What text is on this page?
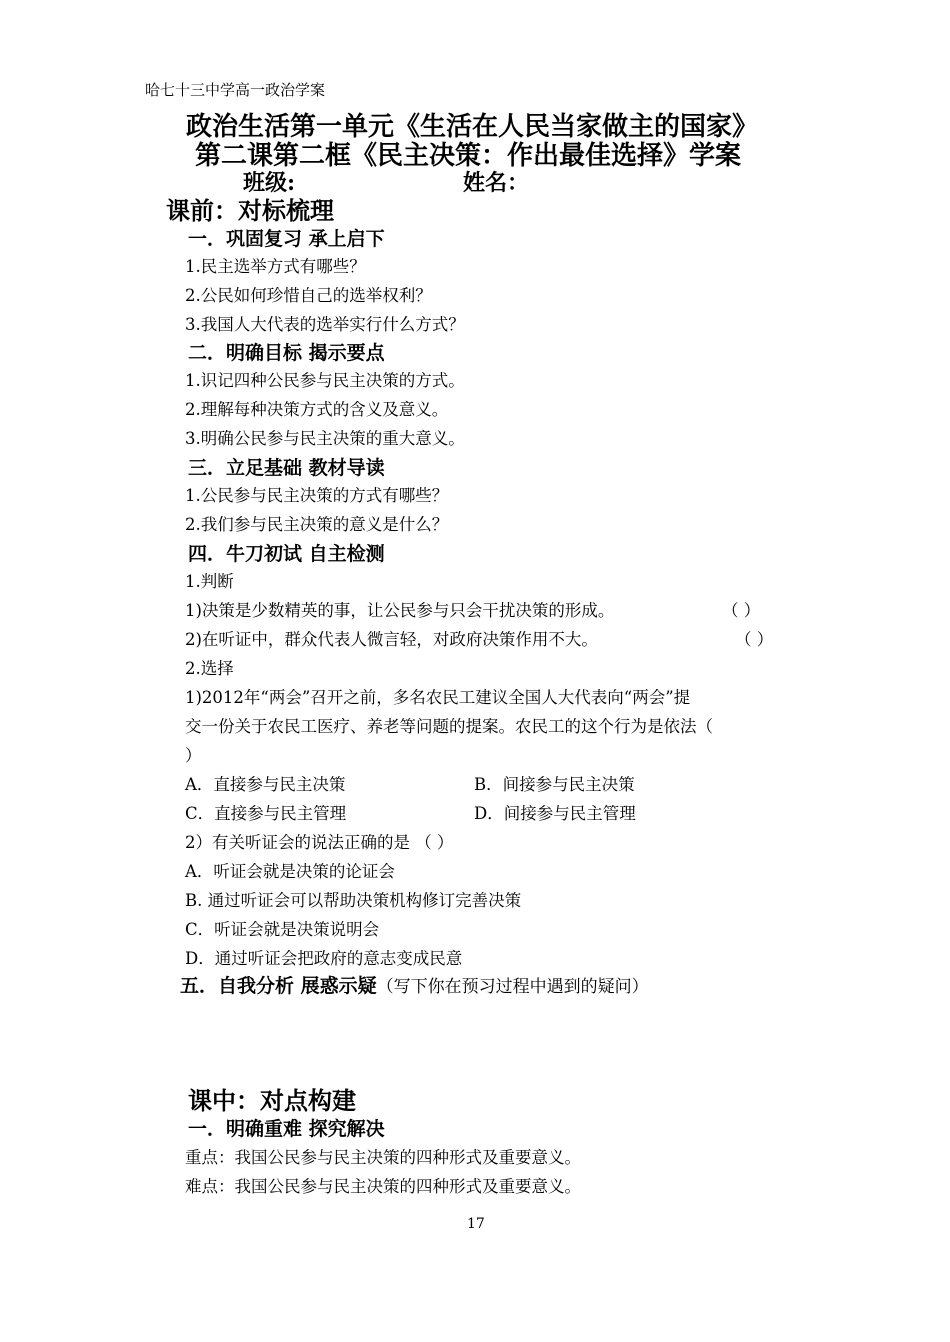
哈七十三中学高一政治学案
政治生活第一单元《生活在人民当家做主的国家》
第二课第二框《民主决策：作出最佳选择》学案
班级:	姓名：
课前：对标梳理
一．巩固复习 承上启下
1.民主选举方式有哪些？
2.公民如何珍惜自己的选举权利？
3.我国人大代表的选举实行什么方式？
二．明确目标 揭示要点
1.识记四种公民参与民主决策的方式。
2.理解每种决策方式的含义及意义。
3.明确公民参与民主决策的重大意义。
三．立足基础 教材导读
1.公民参与民主决策的方式有哪些？
2.我们参与民主决策的意义是什么？
四．牛刀初试 自主检测
1.判断
1)决策是少数精英的事，让公民参与只会干扰决策的形成。	（ ）
2)在听证中，群众代表人微言轻，对政府决策作用不大。	（ ）
2.选择
1)2012年“两会”召开之前，多名农民工建议全国人大代表向“两会”提
交一份关于农民工医疗、养老等问题的提案。农民工的这个行为是依法（
）
A．直接参与民主决策	B．间接参与民主决策
C．直接参与民主管理	D．间接参与民主管理
2）有关听证会的说法正确的是 （ ）
A．听证会就是决策的论证会
B. 通过听证会可以帮助决策机构修订完善决策
C．听证会就是决策说明会
D．通过听证会把政府的意志变成民意
五．自我分析 展惑示疑（写下你在预习过程中遇到的疑问）
课中：对点构建
一．明确重难 探究解决
重点：我国公民参与民主决策的四种形式及重要意义。
难点：我国公民参与民主决策的四种形式及重要意义。
17
